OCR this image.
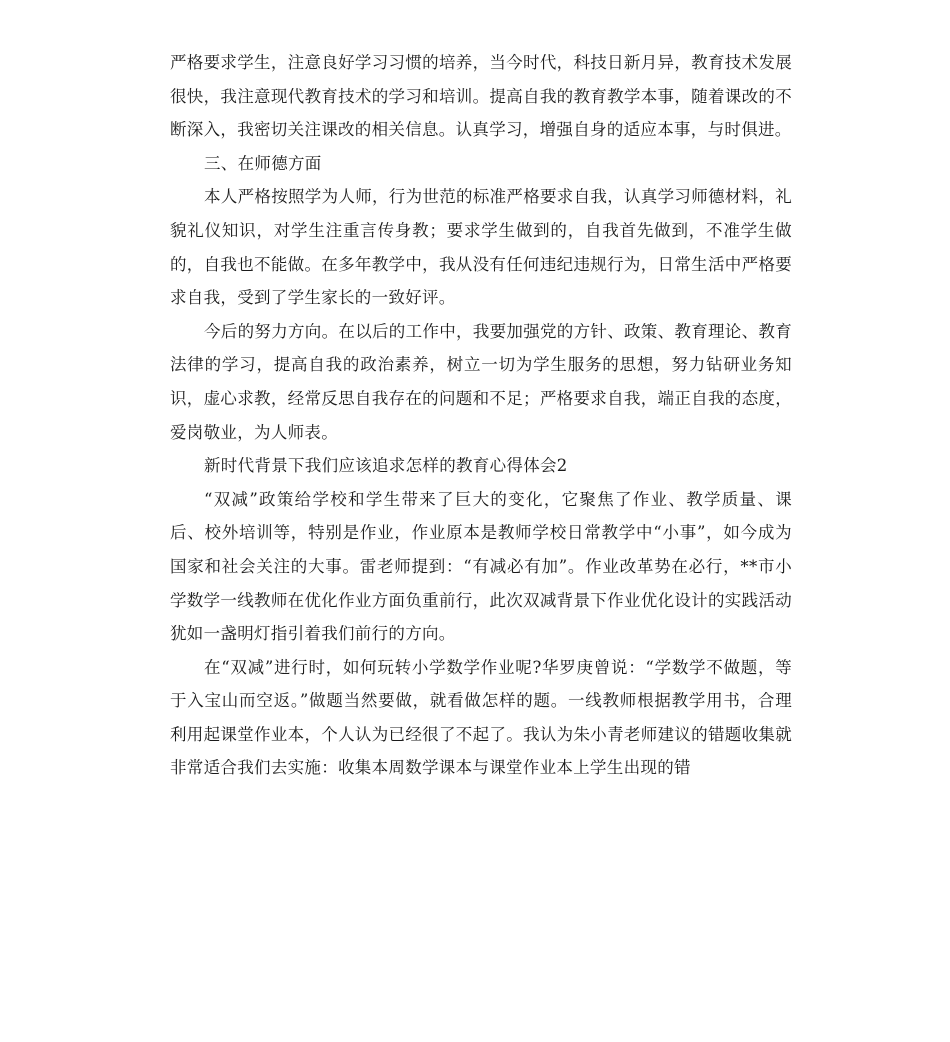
严格要求学生，注意良好学习习惯的培养，当今时代，科技日新月异，教育技术发展很快，我注意现代教育技术的学习和培训。提高自我的教育教学本事，随着课改的不断深入，我密切关注课改的相关信息。认真学习，增强自身的适应本事，与时俱进。

三、在师德方面

本人严格按照学为人师，行为世范的标准严格要求自我，认真学习师德材料，礼貌礼仪知识，对学生注重言传身教；要求学生做到的，自我首先做到，不准学生做的，自我也不能做。在多年教学中，我从没有任何违纪违规行为，日常生活中严格要求自我，受到了学生家长的一致好评。

今后的努力方向。在以后的工作中，我要加强党的方针、政策、教育理论、教育法律的学习，提高自我的政治素养，树立一切为学生服务的思想，努力钻研业务知识，虚心求教，经常反思自我存在的问题和不足；严格要求自我，端正自我的态度，爱岗敬业，为人师表。

新时代背景下我们应该追求怎样的教育心得体会2

“双减”政策给学校和学生带来了巨大的变化，它聚焦了作业、教学质量、课后、校外培训等，特别是作业，作业原本是教师学校日常教学中“小事”，如今成为国家和社会关注的大事。雷老师提到：“有减必有加”。作业改革势在必行，**市小学数学一线教师在优化作业方面负重前行，此次双减背景下作业优化设计的实践活动犹如一盏明灯指引着我们前行的方向。

在“双减”进行时，如何玩转小学数学作业呢?华罗庚曾说：“学数学不做题，等于入宝山而空返。”做题当然要做，就看做怎样的题。一线教师根据教学用书，合理利用起课堂作业本，个人认为已经很了不起了。我认为朱小青老师建议的错题收集就非常适合我们去实施：收集本周数学课本与课堂作业本上学生出现的错
